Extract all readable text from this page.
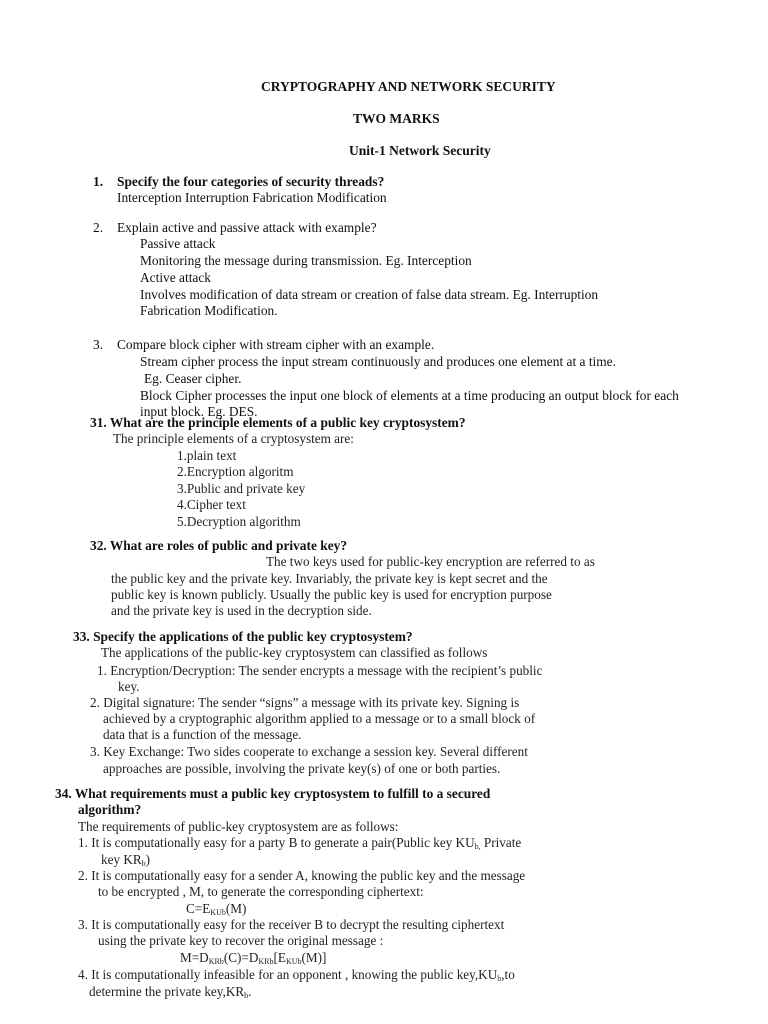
CRYPTOGRAPHY AND NETWORK SECURITY
TWO MARKS
Unit-1 Network Security
1. Specify the four categories of security threads?
Interception Interruption Fabrication Modification
2. Explain active and passive attack with example?
Passive attack
Monitoring the message during transmission. Eg. Interception
Active attack
Involves modification of data stream or creation of false data stream. Eg. Interruption
Fabrication Modification.
3. Compare block cipher with stream cipher with an example.
Stream cipher process the input stream continuously and produces one element at a time.
Eg. Ceaser cipher.
Block Cipher processes the input one block of elements at a time producing an output block for each
input block. Eg. DES.
31. What are the principle elements of a public key cryptosystem?
The principle elements of a cryptosystem are:
1.plain text
2.Encryption algoritm
3.Public and private key
4.Cipher text
5.Decryption algorithm
32. What are roles of public and private key?
The two keys used for public-key encryption are referred to as
the public key and the private key. Invariably, the private key is kept secret and the
public key is known publicly. Usually the public key is used for encryption purpose
and the private key is used in the decryption side.
33. Specify the applications of the public key cryptosystem?
The applications of the public-key cryptosystem can classified as follows
1. Encryption/Decryption: The sender encrypts a message with the recipient’s public
key.
2. Digital signature: The sender “signs” a message with its private key. Signing is
achieved by a cryptographic algorithm applied to a message or to a small block of
data that is a function of the message.
3. Key Exchange: Two sides cooperate to exchange a session key. Several different
approaches are possible, involving the private key(s) of one or both parties.
34. What requirements must a public key cryptosystem to fulfill to a secured
algorithm?
The requirements of public-key cryptosystem are as follows:
1. It is computationally easy for a party B to generate a pair(Public key $KU_{b,}$ Private
key $KR_b$)
2. It is computationally easy for a sender A, knowing the public key and the message
to be encrypted , M, to generate the corresponding ciphertext:
$C=E_{KUb}(M)$
3. It is computationally easy for the receiver B to decrypt the resulting ciphertext
using the private key to recover the original message :
$M=D_{KRb}(C)=D_{KRb}[E_{KUb}(M)]$
4. It is computationally infeasible for an opponent , knowing the public $key,KU_b,to$
determine the private $key,KR_b$.
